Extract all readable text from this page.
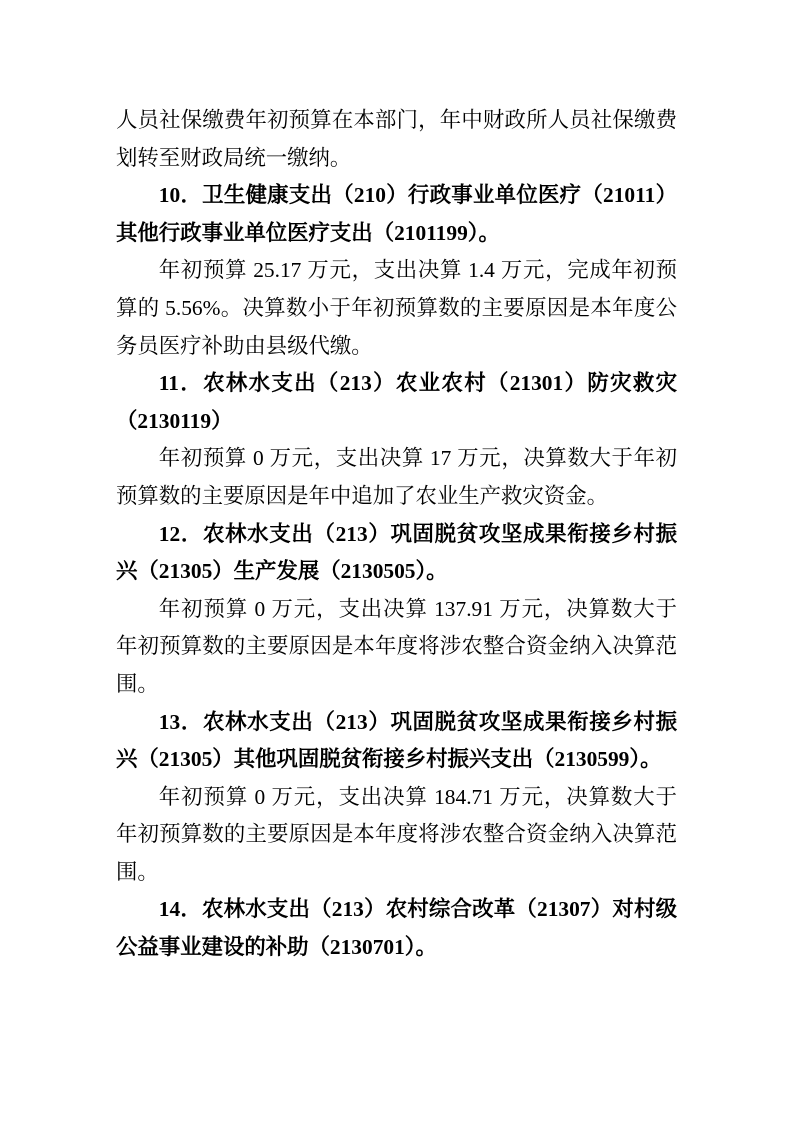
人员社保缴费年初预算在本部门，年中财政所人员社保缴费划转至财政局统一缴纳。

10．卫生健康支出（210）行政事业单位医疗（21011）其他行政事业单位医疗支出（2101199）。

年初预算 25.17 万元，支出决算 1.4 万元，完成年初预算的 5.56%。决算数小于年初预算数的主要原因是本年度公务员医疗补助由县级代缴。

11．农林水支出（213）农业农村（21301）防灾救灾（2130119）

年初预算 0 万元，支出决算 17 万元，决算数大于年初预算数的主要原因是年中追加了农业生产救灾资金。

12．农林水支出（213）巩固脱贫攻坚成果衔接乡村振兴（21305）生产发展（2130505）。

年初预算 0 万元，支出决算 137.91 万元，决算数大于年初预算数的主要原因是本年度将涉农整合资金纳入决算范围。

13．农林水支出（213）巩固脱贫攻坚成果衔接乡村振兴（21305）其他巩固脱贫衔接乡村振兴支出（2130599）。

年初预算 0 万元，支出决算 184.71 万元，决算数大于年初预算数的主要原因是本年度将涉农整合资金纳入决算范围。

14．农林水支出（213）农村综合改革（21307）对村级公益事业建设的补助（2130701）。
